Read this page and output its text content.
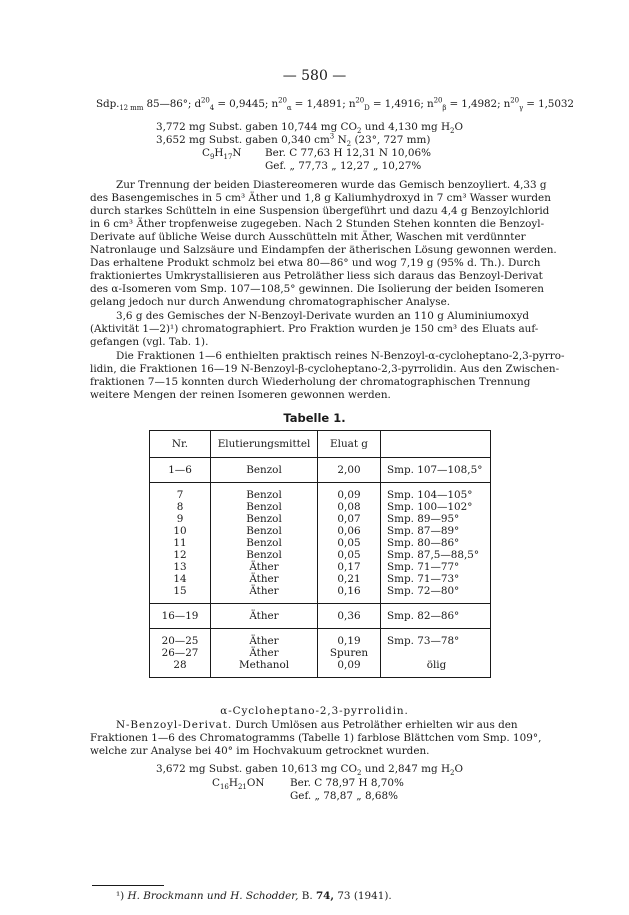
— 580 —
$Sdp._{12 mm}$ 85—86°; $d^{20}_4 = 0,9445$; $n^{20}_\alpha = 1,4891$; $n^{20}_D = 1,4916$; $n^{20}_\beta = 1,4982$; $n^{20}_\gamma = 1,5032$
3,772 mg Subst. gaben 10,744 mg $CO_2$ und 4,130 mg $H_2O$
3,652 mg Subst. gaben 0,340 $cm^3$ $N_2$ (23°, 727 mm)
$C_9H_{17}N$ Ber. C 77,63 H 12,31 N 10,06%
Gef. „ 77,73 „ 12,27 „ 10,27%
Zur Trennung der beiden Diastereomeren wurde das Gemisch benzoyliert. 4,33 g
des Basengemisches in 5 cm³ Äther und 1,8 g Kaliumhydroxyd in 7 cm³ Wasser wurden
durch starkes Schütteln in eine Suspension übergeführt und dazu 4,4 g Benzoylchlorid
in 6 cm³ Äther tropfenweise zugegeben. Nach 2 Stunden Stehen konnten die Benzoyl-
Derivate auf übliche Weise durch Ausschütteln mit Äther, Waschen mit verdünnter
Natronlauge und Salzsäure und Eindampfen der ätherischen Lösung gewonnen werden.
Das erhaltene Produkt schmolz bei etwa 80—86° und wog 7,19 g (95% d. Th.). Durch
fraktioniertes Umkrystallisieren aus Petroläther liess sich daraus das Benzoyl-Derivat
des α-Isomeren vom Smp. 107—108,5° gewinnen. Die Isolierung der beiden Isomeren
gelang jedoch nur durch Anwendung chromatographischer Analyse.
3,6 g des Gemisches der N-Benzoyl-Derivate wurden an 110 g Aluminiumoxyd
(Aktivität 1—2)¹) chromatographiert. Pro Fraktion wurden je 150 cm³ des Eluats auf-
gefangen (vgl. Tab. 1).
Die Fraktionen 1—6 enthielten praktisch reines N-Benzoyl-α-cycloheptano-2,3-pyrro-
lidin, die Fraktionen 16—19 N-Benzoyl-β-cycloheptano-2,3-pyrrolidin. Aus den Zwischen-
fraktionen 7—15 konnten durch Wiederholung der chromatographischen Trennung
weitere Mengen der reinen Isomeren gewonnen werden.
Tabelle 1.
Nr.	Elutierungsmittel	Eluat g	
1—6	Benzol	2,00	Smp. 107—108,5°
7	Benzol	0,09	Smp. 104—105°
8	Benzol	0,08	Smp. 100—102°
9	Benzol	0,07	Smp. 89—95°
10	Benzol	0,06	Smp. 87—89°
11	Benzol	0,05	Smp. 80—86°
12	Benzol	0,05	Smp. 87,5—88,5°
13	Äther	0,17	Smp. 71—77°
14	Äther	0,21	Smp. 71—73°
15	Äther	0,16	Smp. 72—80°
16—19	Äther	0,36	Smp. 82—86°
20—25	Äther	0,19	Smp. 73—78°
26—27	Äther	Spuren	
28	Methanol	0,09	ölig
α-Cycloheptano-2,3-pyrrolidin.
N-Benzoyl-Derivat. Durch Umlösen aus Petroläther erhielten wir aus den
Fraktionen 1—6 des Chromatogramms (Tabelle 1) farblose Blättchen vom Smp. 109°,
welche zur Analyse bei 40° im Hochvakuum getrocknet wurden.
3,672 mg Subst. gaben 10,613 mg $CO_2$ und 2,847 mg $H_2O$
$C_{16}H_{21}ON$ Ber. C 78,97 H 8,70%
Gef. „ 78,87 „ 8,68%
¹) H. Brockmann und H. Schodder, B. 74, 73 (1941).
